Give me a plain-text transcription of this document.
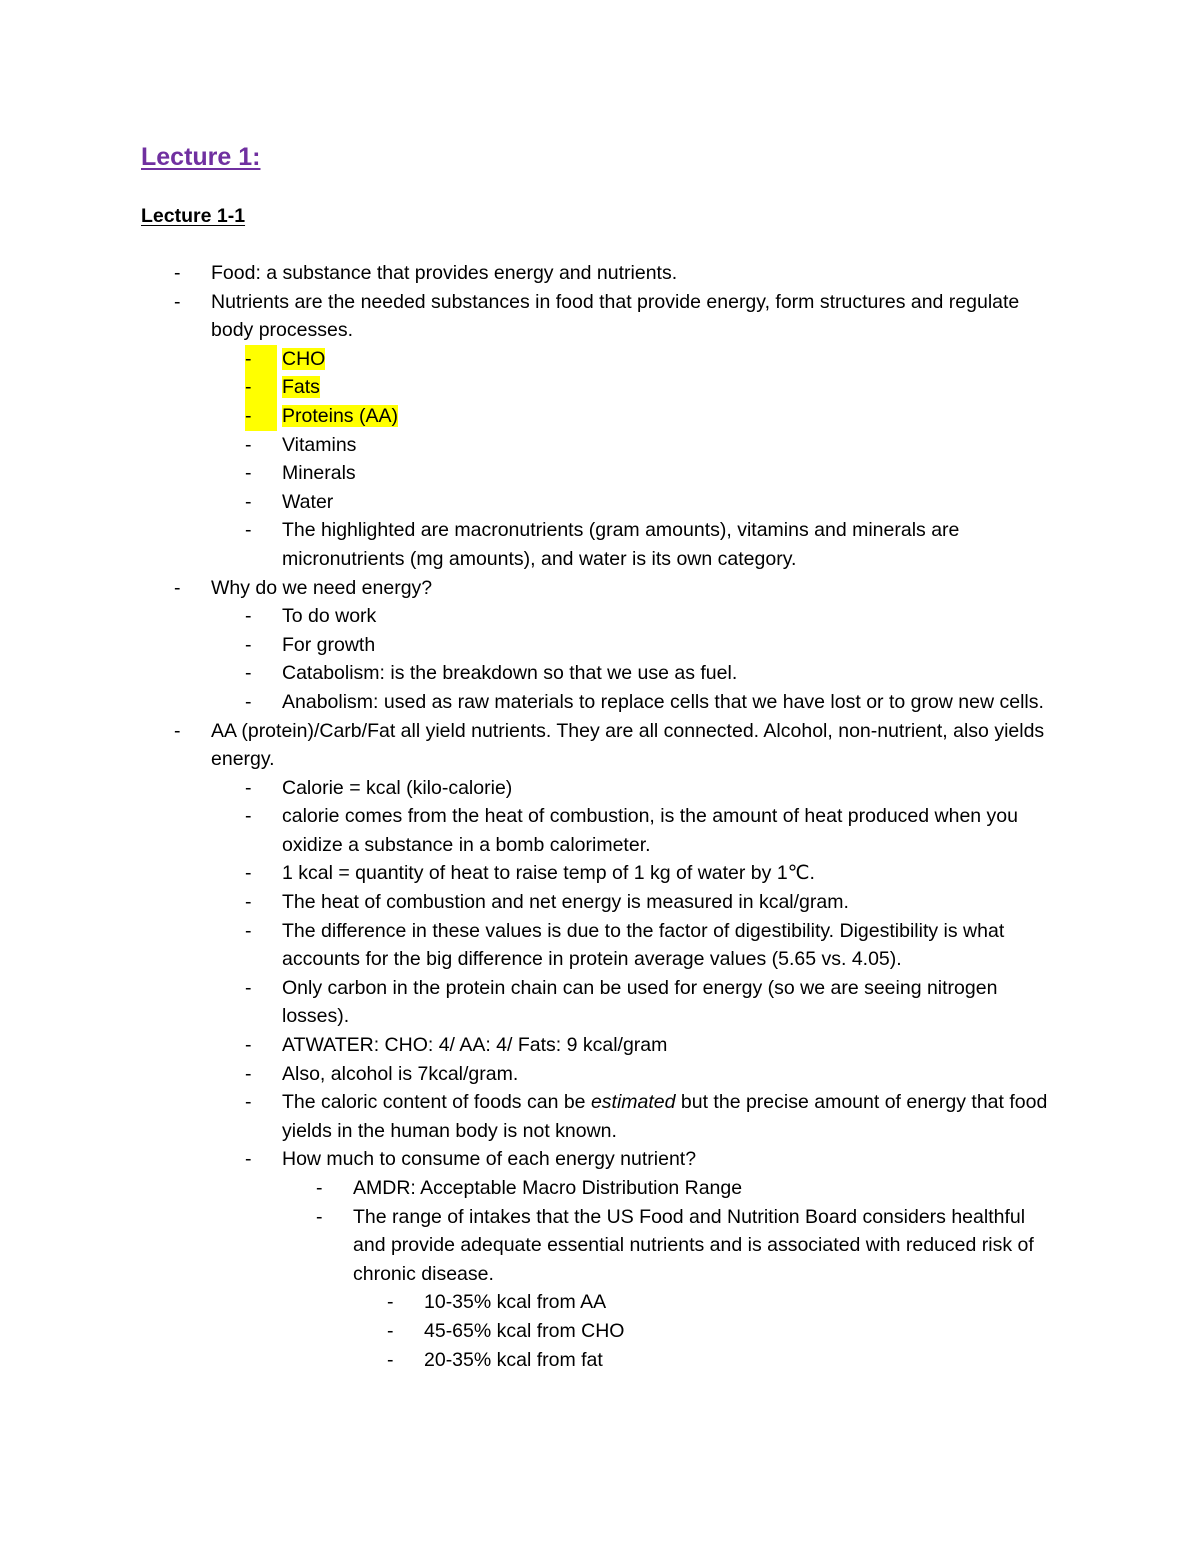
Lecture 1:
Lecture 1-1
- Food: a substance that provides energy and nutrients.
- Nutrients are the needed substances in food that provide energy, form structures and regulate body processes.
-	CHO
-	Fats
-	Proteins (AA)
- Vitamins
- Minerals
- Water
- The highlighted are macronutrients (gram amounts), vitamins and minerals are micronutrients (mg amounts), and water is its own category.
- Why do we need energy?
- To do work
- For growth
- Catabolism: is the breakdown so that we use as fuel.
- Anabolism: used as raw materials to replace cells that we have lost or to grow new cells.
- AA (protein)/Carb/Fat all yield nutrients. They are all connected. Alcohol, non-nutrient, also yields energy.
- Calorie = kcal (kilo-calorie)
- calorie comes from the heat of combustion, is the amount of heat produced when you oxidize a substance in a bomb calorimeter.
- 1 kcal = quantity of heat to raise temp of 1 kg of water by 1℃.
- The heat of combustion and net energy is measured in kcal/gram.
- The difference in these values is due to the factor of digestibility. Digestibility is what accounts for the big difference in protein average values (5.65 vs. 4.05).
- Only carbon in the protein chain can be used for energy (so we are seeing nitrogen losses).
- ATWATER: CHO: 4/ AA: 4/ Fats: 9 kcal/gram
- Also, alcohol is 7kcal/gram.
- The caloric content of foods can be estimated but the precise amount of energy that food yields in the human body is not known.
- How much to consume of each energy nutrient?
- AMDR: Acceptable Macro Distribution Range
- The range of intakes that the US Food and Nutrition Board considers healthful and provide adequate essential nutrients and is associated with reduced risk of chronic disease.
- 10-35% kcal from AA
- 45-65% kcal from CHO
- 20-35% kcal from fat
